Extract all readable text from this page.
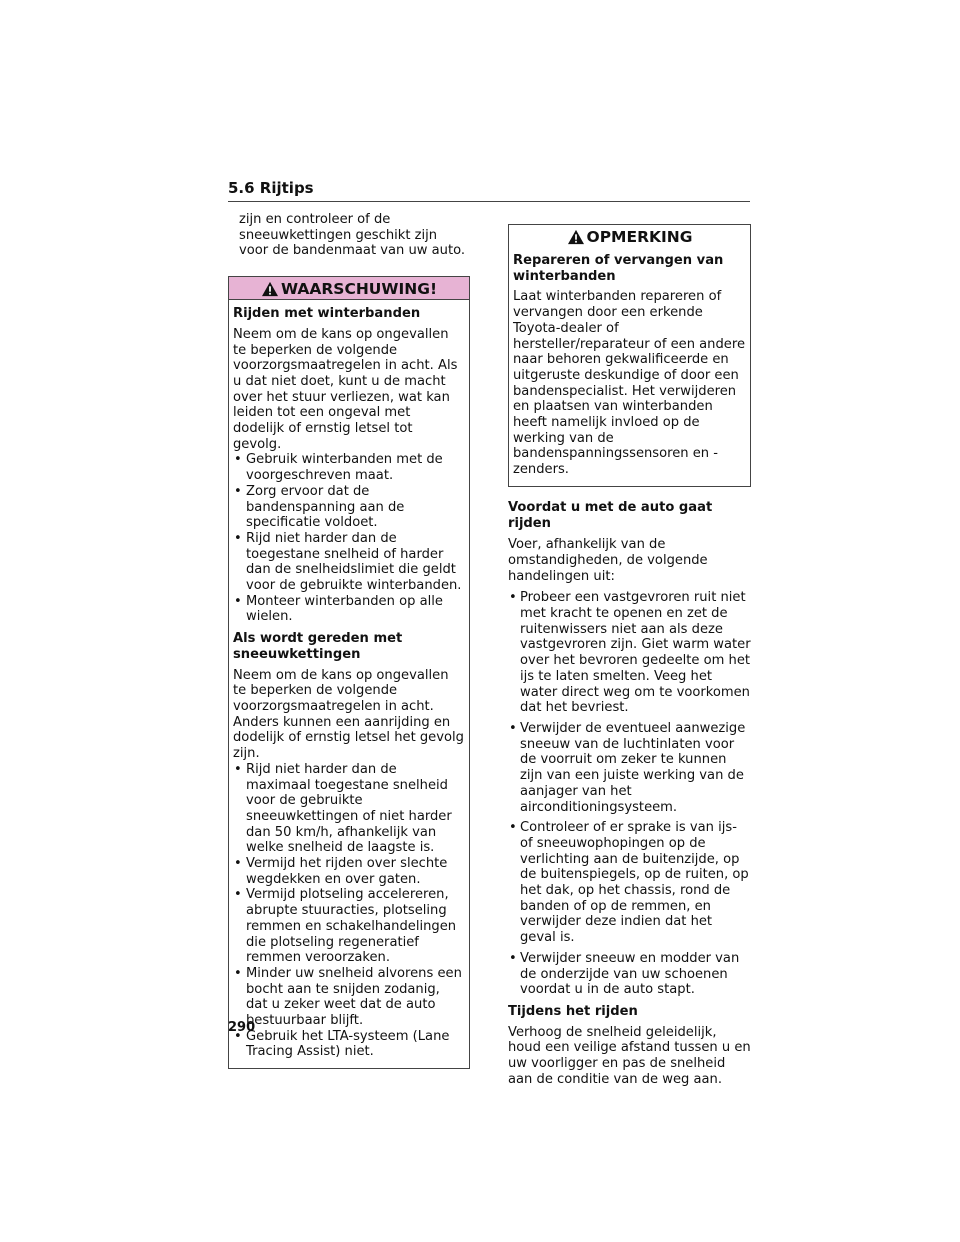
5.6 Rijtips

zijn en controleer of de sneeuwkettingen geschikt zijn voor de bandenmaat van uw auto.

WAARSCHUWING!

Rijden met winterbanden

Neem om de kans op ongevallen te beperken de volgende voorzorgsmaatregelen in acht. Als u dat niet doet, kunt u de macht over het stuur verliezen, wat kan leiden tot een ongeval met dodelijk of ernstig letsel tot gevolg.

• Gebruik winterbanden met de voorgeschreven maat.
• Zorg ervoor dat de bandenspanning aan de specificatie voldoet.
• Rijd niet harder dan de toegestane snelheid of harder dan de snelheidslimiet die geldt voor de gebruikte winterbanden.
• Monteer winterbanden op alle wielen.

Als wordt gereden met sneeuwkettingen

Neem om de kans op ongevallen te beperken de volgende voorzorgsmaatregelen in acht. Anders kunnen een aanrijding en dodelijk of ernstig letsel het gevolg zijn.

• Rijd niet harder dan de maximaal toegestane snelheid voor de gebruikte sneeuwkettingen of niet harder dan 50 km/h, afhankelijk van welke snelheid de laagste is.
• Vermijd het rijden over slechte wegdekken en over gaten.
• Vermijd plotseling accelereren, abrupte stuuracties, plotseling remmen en schakelhandelingen die plotseling regeneratief remmen veroorzaken.
• Minder uw snelheid alvorens een bocht aan te snijden zodanig, dat u zeker weet dat de auto bestuurbaar blijft.
• Gebruik het LTA-systeem (Lane Tracing Assist) niet.
OPMERKING

Repareren of vervangen van winterbanden

Laat winterbanden repareren of vervangen door een erkende Toyota-dealer of hersteller/reparateur of een andere naar behoren gekwalificeerde en uitgeruste deskundige of door een bandenspecialist. Het verwijderen en plaatsen van winterbanden heeft namelijk invloed op de werking van de bandenspanningssensoren en -zenders.

Voordat u met de auto gaat rijden

Voer, afhankelijk van de omstandigheden, de volgende handelingen uit:

• Probeer een vastgevroren ruit niet met kracht te openen en zet de ruitenwissers niet aan als deze vastgevroren zijn. Giet warm water over het bevroren gedeelte om het ijs te laten smelten. Veeg het water direct weg om te voorkomen dat het bevriest.
• Verwijder de eventueel aanwezige sneeuw van de luchtinlaten voor de voorruit om zeker te kunnen zijn van een juiste werking van de aanjager van het airconditioningsysteem.
• Controleer of er sprake is van ijs- of sneeuwophopingen op de verlichting aan de buitenzijde, op de buitenspiegels, op de ruiten, op het dak, op het chassis, rond de banden of op de remmen, en verwijder deze indien dat het geval is.
• Verwijder sneeuw en modder van de onderzijde van uw schoenen voordat u in de auto stapt.

Tijdens het rijden

Verhoog de snelheid geleidelijk, houd een veilige afstand tussen u en uw voorligger en pas de snelheid aan de conditie van de weg aan.

290
